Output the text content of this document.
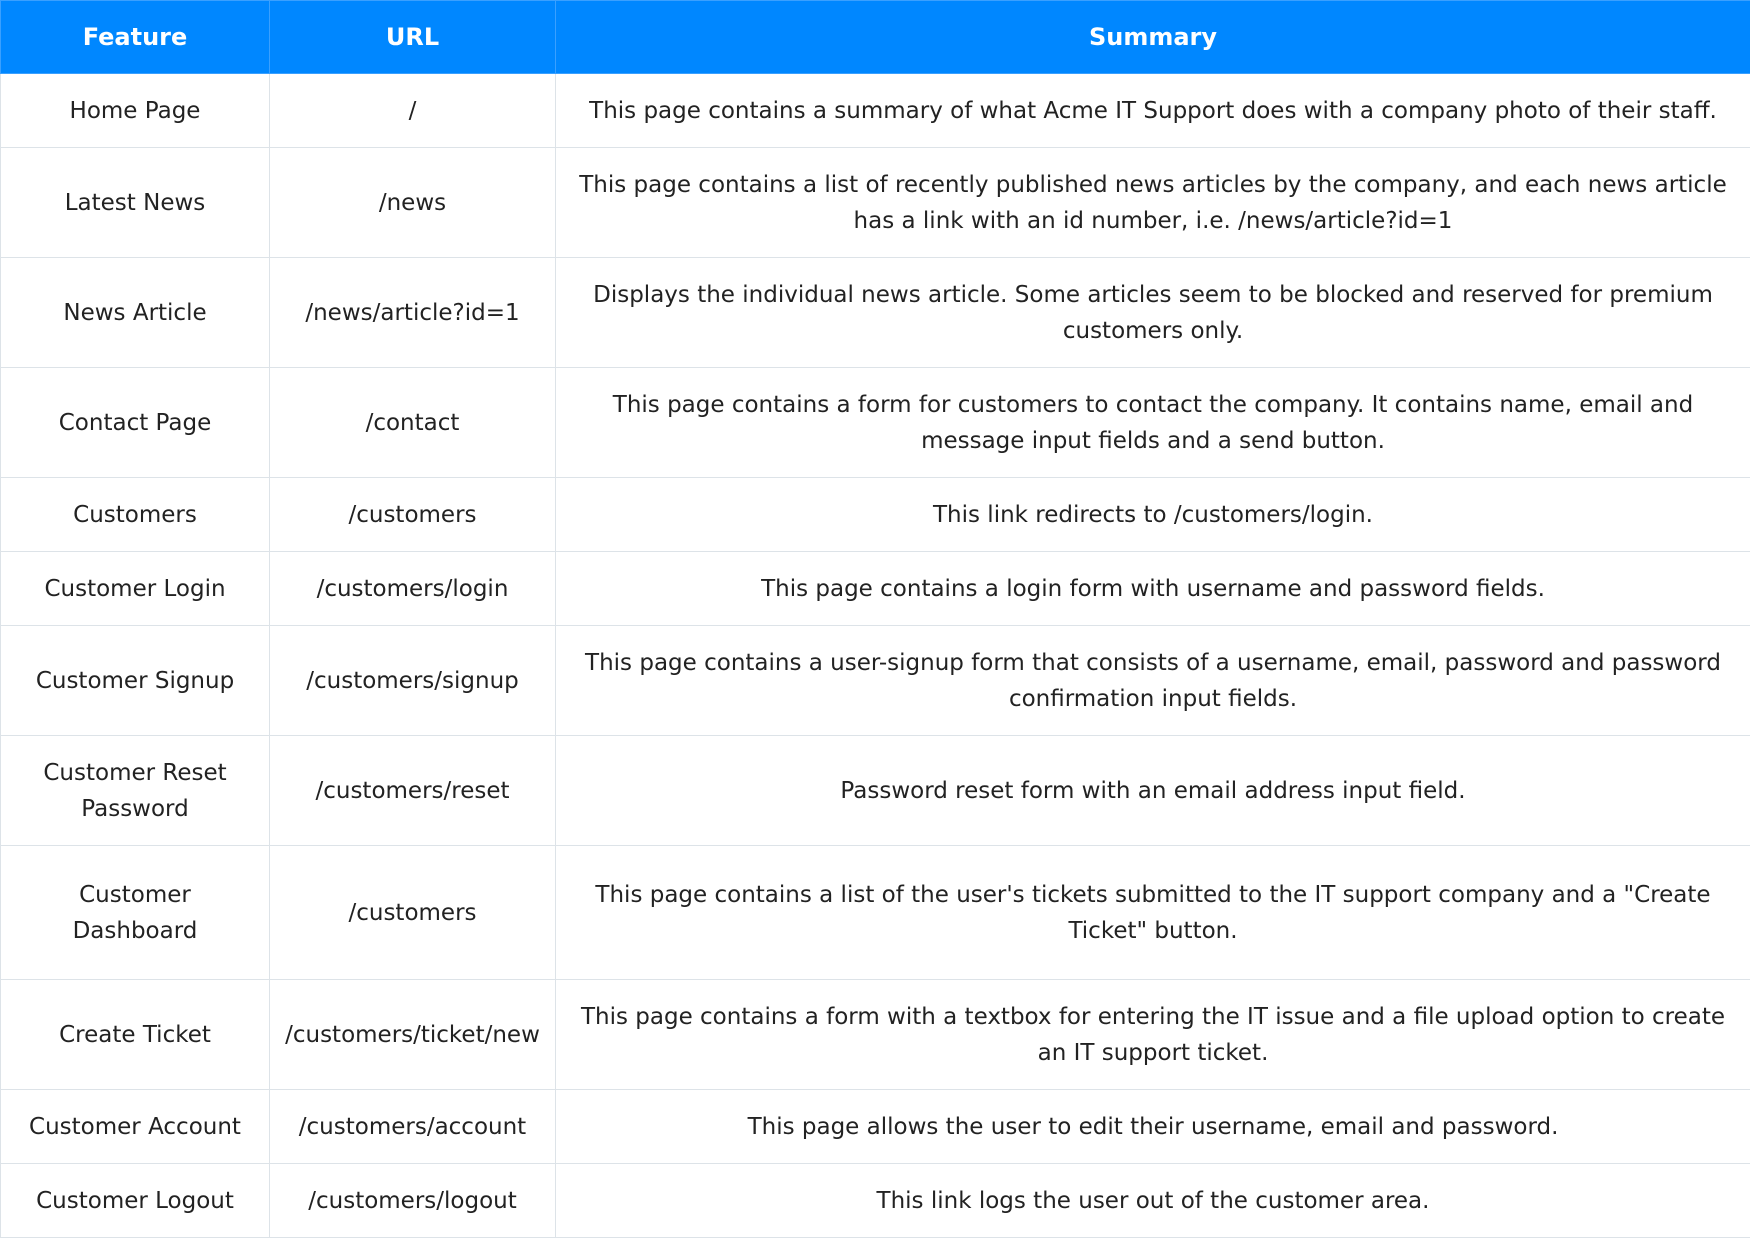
Feature	URL	Summary
Home Page	/	This page contains a summary of what Acme IT Support does with a company photo of their staff.
Latest News	/news	This page contains a list of recently published news articles by the company, and each news article has a link with an id number, i.e. /news/article?id=1
News Article	/news/article?id=1	Displays the individual news article. Some articles seem to be blocked and reserved for premium customers only.
Contact Page	/contact	This page contains a form for customers to contact the company. It contains name, email and message input fields and a send button.
Customers	/customers	This link redirects to /customers/login.
Customer Login	/customers/login	This page contains a login form with username and password fields.
Customer Signup	/customers/signup	This page contains a user-signup form that consists of a username, email, password and password confirmation input fields.
Customer Reset Password	/customers/reset	Password reset form with an email address input field.
Customer Dashboard	/customers	This page contains a list of the user's tickets submitted to the IT support company and a "Create Ticket" button.
Create Ticket	/customers/ticket/new	This page contains a form with a textbox for entering the IT issue and a file upload option to create an IT support ticket.
Customer Account	/customers/account	This page allows the user to edit their username, email and password.
Customer Logout	/customers/logout	This link logs the user out of the customer area.
